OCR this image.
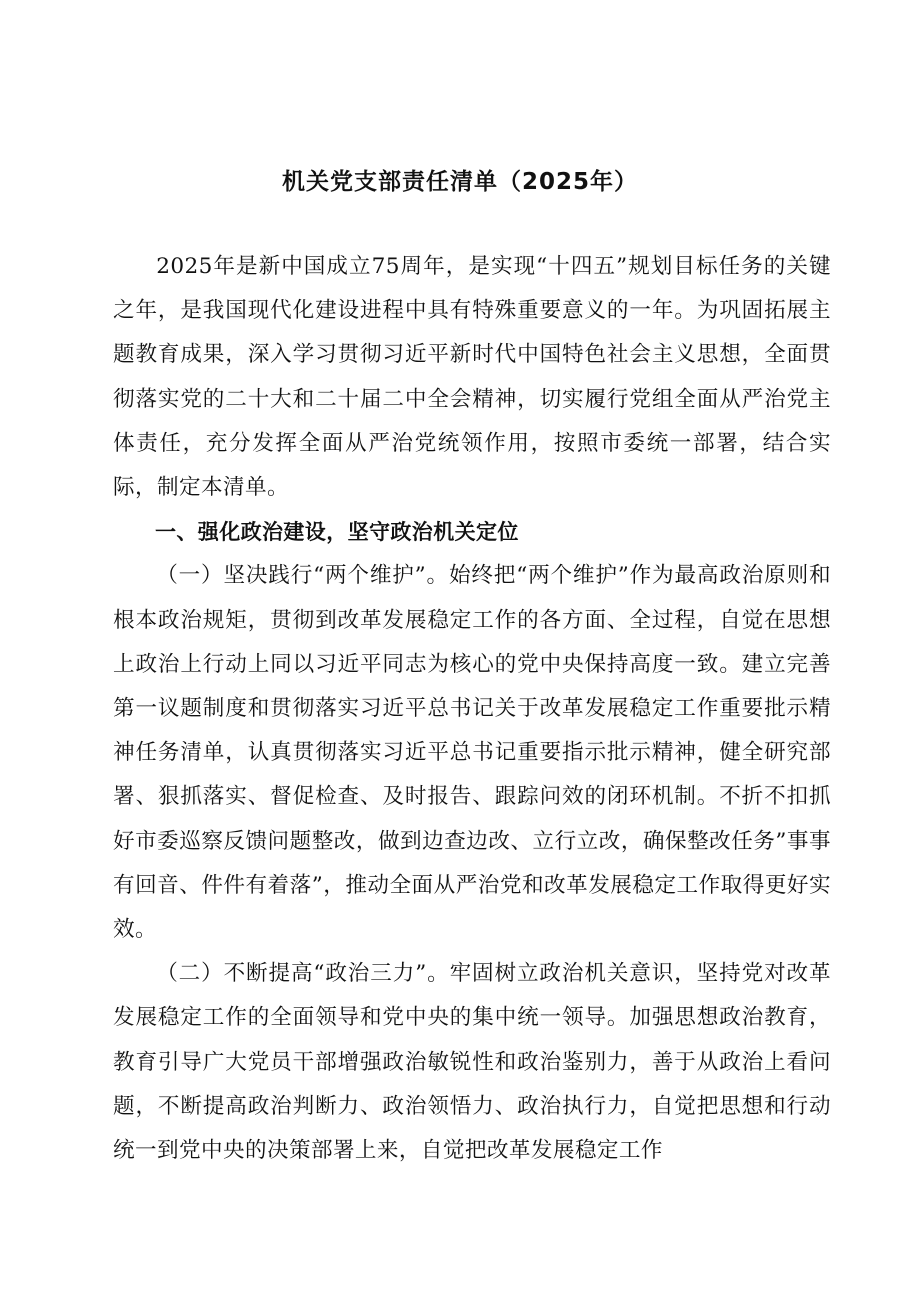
机关党支部责任清单（2025年）

2025年是新中国成立75周年，是实现“十四五”规划目标任务的关键之年，是我国现代化建设进程中具有特殊重要意义的一年。为巩固拓展主题教育成果，深入学习贯彻习近平新时代中国特色社会主义思想，全面贯彻落实党的二十大和二十届二中全会精神，切实履行党组全面从严治党主体责任，充分发挥全面从严治党统领作用，按照市委统一部署，结合实际，制定本清单。

一、强化政治建设，坚守政治机关定位

（一）坚决践行“两个维护”。始终把“两个维护”作为最高政治原则和根本政治规矩，贯彻到改革发展稳定工作的各方面、全过程，自觉在思想上政治上行动上同以习近平同志为核心的党中央保持高度一致。建立完善第一议题制度和贯彻落实习近平总书记关于改革发展稳定工作重要批示精神任务清单，认真贯彻落实习近平总书记重要指示批示精神，健全研究部署、狠抓落实、督促检查、及时报告、跟踪问效的闭环机制。不折不扣抓好市委巡察反馈问题整改，做到边查边改、立行立改，确保整改任务”事事有回音、件件有着落”，推动全面从严治党和改革发展稳定工作取得更好实效。

（二）不断提高“政治三力”。牢固树立政治机关意识，坚持党对改革发展稳定工作的全面领导和党中央的集中统一领导。加强思想政治教育，教育引导广大党员干部增强政治敏锐性和政治鉴别力，善于从政治上看问题，不断提高政治判断力、政治领悟力、政治执行力，自觉把思想和行动统一到党中央的决策部署上来，自觉把改革发展稳定工作
